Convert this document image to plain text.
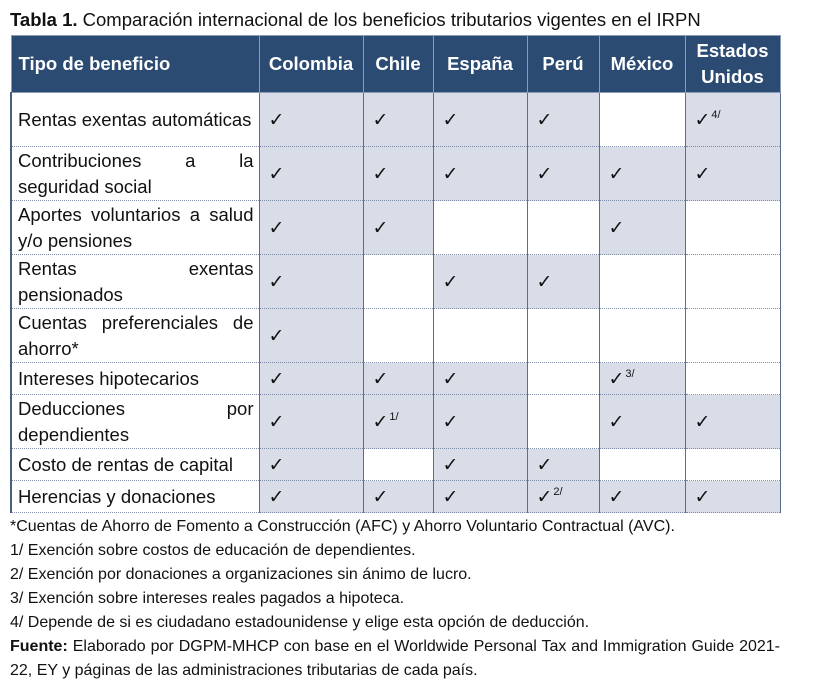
Tabla 1. Comparación internacional de los beneficios tributarios vigentes en el IRPN
Tipo de beneficio	Colombia	Chile	España	Perú	México	Estados Unidos
Rentas exentas automáticas	✓	✓	✓	✓		✓$^{4/}$
Contribuciones a la seguridad social	✓	✓	✓	✓	✓	✓
Aportes voluntarios a salud y/o pensiones	✓	✓			✓	
Rentas exentas pensionados	✓		✓	✓		
Cuentas preferenciales de ahorro*	✓					
Intereses hipotecarios	✓	✓	✓		✓$^{3/}$	
Deducciones por dependientes	✓	✓$^{1/}$	✓		✓	✓
Costo de rentas de capital	✓		✓	✓		
Herencias y donaciones	✓	✓	✓	✓$^{2/}$	✓	✓
*Cuentas de Ahorro de Fomento a Construcción (AFC) y Ahorro Voluntario Contractual (AVC).
1/ Exención sobre costos de educación de dependientes.
2/ Exención por donaciones a organizaciones sin ánimo de lucro.
3/ Exención sobre intereses reales pagados a hipoteca.
4/ Depende de si es ciudadano estadounidense y elige esta opción de deducción.
Fuente: Elaborado por DGPM-MHCP con base en el Worldwide Personal Tax and Immigration Guide 2021-22, EY y páginas de las administraciones tributarias de cada país.
